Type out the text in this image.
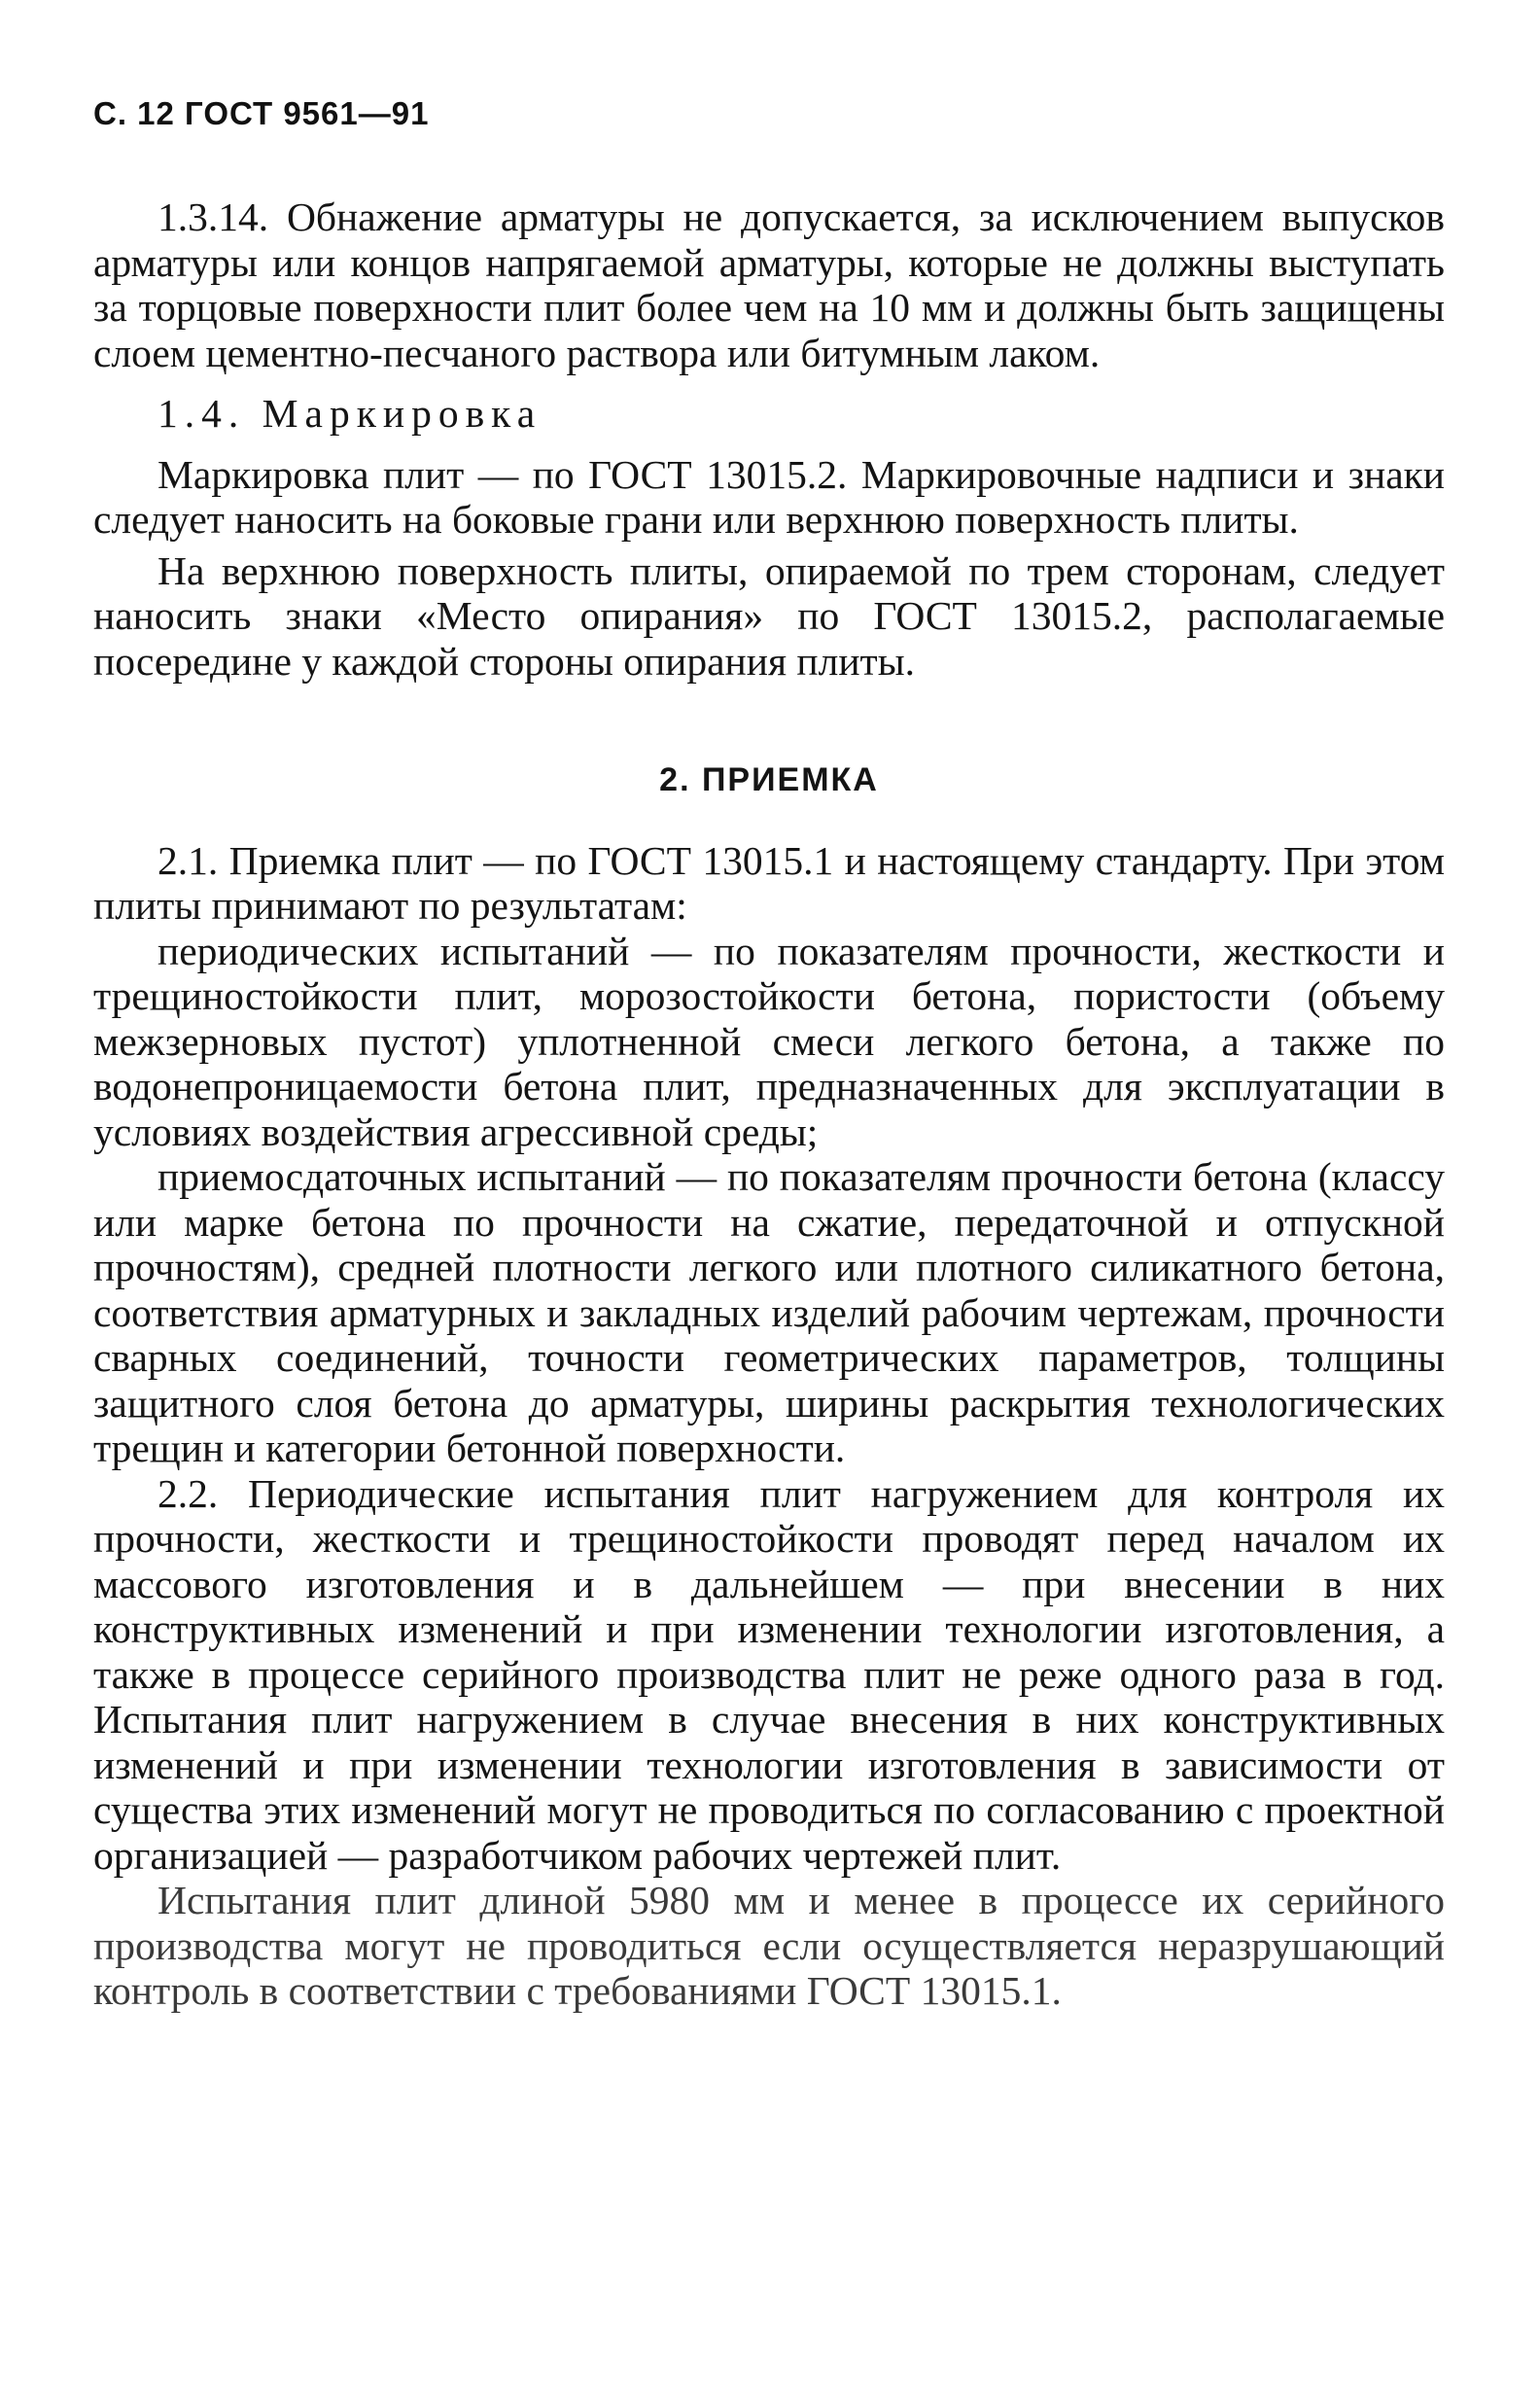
С. 12 ГОСТ 9561—91

1.3.14. Обнажение арматуры не допускается, за исключением выпусков арматуры или концов напрягаемой арматуры, которые не должны выступать за торцовые поверхности плит более чем на 10 мм и должны быть защищены слоем цементно-песчаного раствора или битумным лаком.

1.4. Маркировка

Маркировка плит — по ГОСТ 13015.2. Маркировочные надписи и знаки следует наносить на боковые грани или верхнюю поверхность плиты.

На верхнюю поверхность плиты, опираемой по трем сторонам, следует наносить знаки «Место опирания» по ГОСТ 13015.2, располагаемые посередине у каждой стороны опирания плиты.

2. ПРИЕМКА

2.1. Приемка плит — по ГОСТ 13015.1 и настоящему стандарту. При этом плиты принимают по результатам:

периодических испытаний — по показателям прочности, жесткости и трещиностойкости плит, морозостойкости бетона, пористости (объему межзерновых пустот) уплотненной смеси легкого бетона, а также по водонепроницаемости бетона плит, предназначенных для эксплуатации в условиях воздействия агрессивной среды;

приемосдаточных испытаний — по показателям прочности бетона (классу или марке бетона по прочности на сжатие, передаточной и отпускной прочностям), средней плотности легкого или плотного силикатного бетона, соответствия арматурных и закладных изделий рабочим чертежам, прочности сварных соединений, точности геометрических параметров, толщины защитного слоя бетона до арматуры, ширины раскрытия технологических трещин и категории бетонной поверхности.

2.2. Периодические испытания плит нагружением для контроля их прочности, жесткости и трещиностойкости проводят перед началом их массового изготовления и в дальнейшем — при внесении в них конструктивных изменений и при изменении технологии изготовления, а также в процессе серийного производства плит не реже одного раза в год. Испытания плит нагружением в случае внесения в них конструктивных изменений и при изменении технологии изготовления в зависимости от существа этих изменений могут не проводиться по согласованию с проектной организацией — разработчиком рабочих чертежей плит.

Испытания плит длиной 5980 мм и менее в процессе их серийного производства могут не проводиться если осуществляется неразрушающий контроль в соответствии с требованиями ГОСТ 13015.1.
